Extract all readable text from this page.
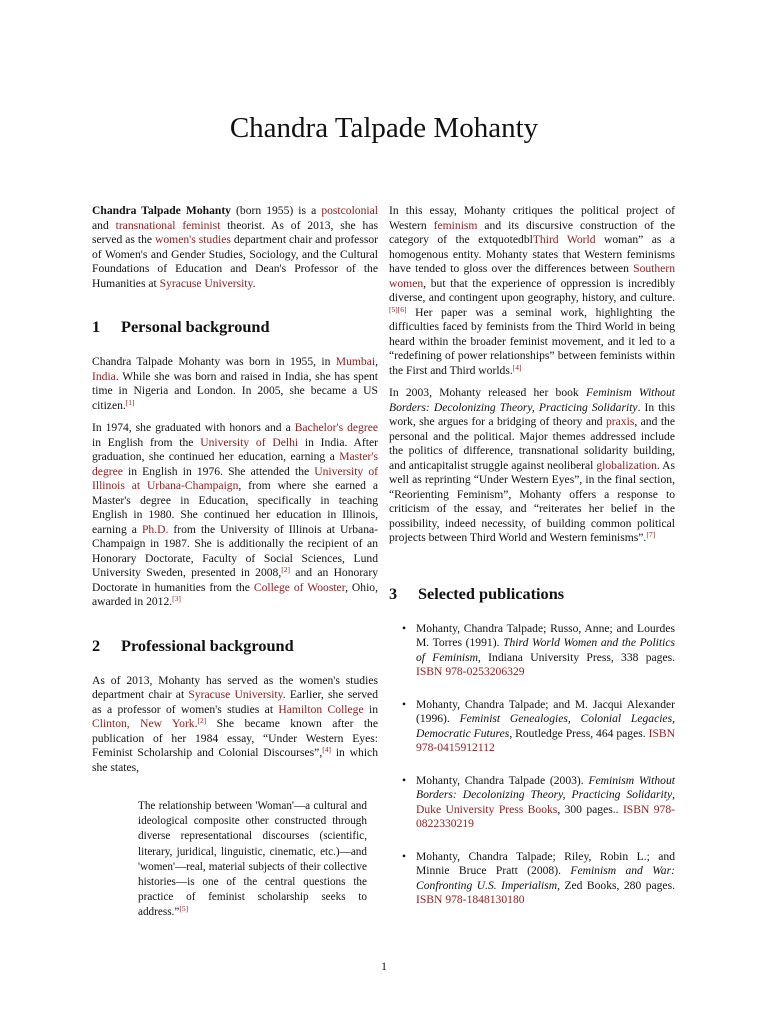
Chandra Talpade Mohanty

Chandra Talpade Mohanty (born 1955) is a postcolonial and transnational feminist theorist. As of 2013, she has served as the women's studies department chair and professor of Women's and Gender Studies, Sociology, and the Cultural Foundations of Education and Dean's Professor of the Humanities at Syracuse University.

1 Personal background

Chandra Talpade Mohanty was born in 1955, in Mumbai, India. While she was born and raised in India, she has spent time in Nigeria and London. In 2005, she became a US citizen.[1]

In 1974, she graduated with honors and a Bachelor's degree in English from the University of Delhi in India. After graduation, she continued her education, earning a Master's degree in English in 1976. She attended the University of Illinois at Urbana-Champaign, from where she earned a Master's degree in Education, specifically in teaching English in 1980. She continued her education in Illinois, earning a Ph.D. from the University of Illinois at Urbana-Champaign in 1987. She is additionally the recipient of an Honorary Doctorate, Faculty of Social Sciences, Lund University Sweden, presented in 2008,[2] and an Honorary Doctorate in humanities from the College of Wooster, Ohio, awarded in 2012.[3]

2 Professional background

As of 2013, Mohanty has served as the women's studies department chair at Syracuse University. Earlier, she served as a professor of women's studies at Hamilton College in Clinton, New York.[2] She became known after the publication of her 1984 essay, “Under Western Eyes: Feminist Scholarship and Colonial Discourses”,[4] in which she states,

The relationship between 'Woman'—a cultural and ideological composite other constructed through diverse representational discourses (scientific, literary, juridical, linguistic, cinematic, etc.)—and 'women'—real, material subjects of their collective histories—is one of the central questions the practice of feminist scholarship seeks to address.”[5]

In this essay, Mohanty critiques the political project of Western feminism and its discursive construction of the category of the extquotedblThird World woman” as a homogenous entity. Mohanty states that Western feminisms have tended to gloss over the differences between Southern women, but that the experience of oppression is incredibly diverse, and contingent upon geography, history, and culture.[5][6] Her paper was a seminal work, highlighting the difficulties faced by feminists from the Third World in being heard within the broader feminist movement, and it led to a “redefining of power relationships” between feminists within the First and Third worlds.[4]

In 2003, Mohanty released her book Feminism Without Borders: Decolonizing Theory, Practicing Solidarity. In this work, she argues for a bridging of theory and praxis, and the personal and the political. Major themes addressed include the politics of difference, transnational solidarity building, and anticapitalist struggle against neoliberal globalization. As well as reprinting “Under Western Eyes”, in the final section, “Reorienting Feminism”, Mohanty offers a response to criticism of the essay, and “reiterates her belief in the possibility, indeed necessity, of building common political projects between Third World and Western feminisms”.[7]

3 Selected publications
• Mohanty, Chandra Talpade; Russo, Anne; and Lourdes M. Torres (1991). Third World Women and the Politics of Feminism, Indiana University Press, 338 pages. ISBN 978-0253206329
• Mohanty, Chandra Talpade; and M. Jacqui Alexander (1996). Feminist Genealogies, Colonial Legacies, Democratic Futures, Routledge Press, 464 pages. ISBN 978-0415912112
• Mohanty, Chandra Talpade (2003). Feminism Without Borders: Decolonizing Theory, Practicing Solidarity, Duke University Press Books, 300 pages.. ISBN 978-0822330219
• Mohanty, Chandra Talpade; Riley, Robin L.; and Minnie Bruce Pratt (2008). Feminism and War: Confronting U.S. Imperialism, Zed Books, 280 pages. ISBN 978-1848130180
1
